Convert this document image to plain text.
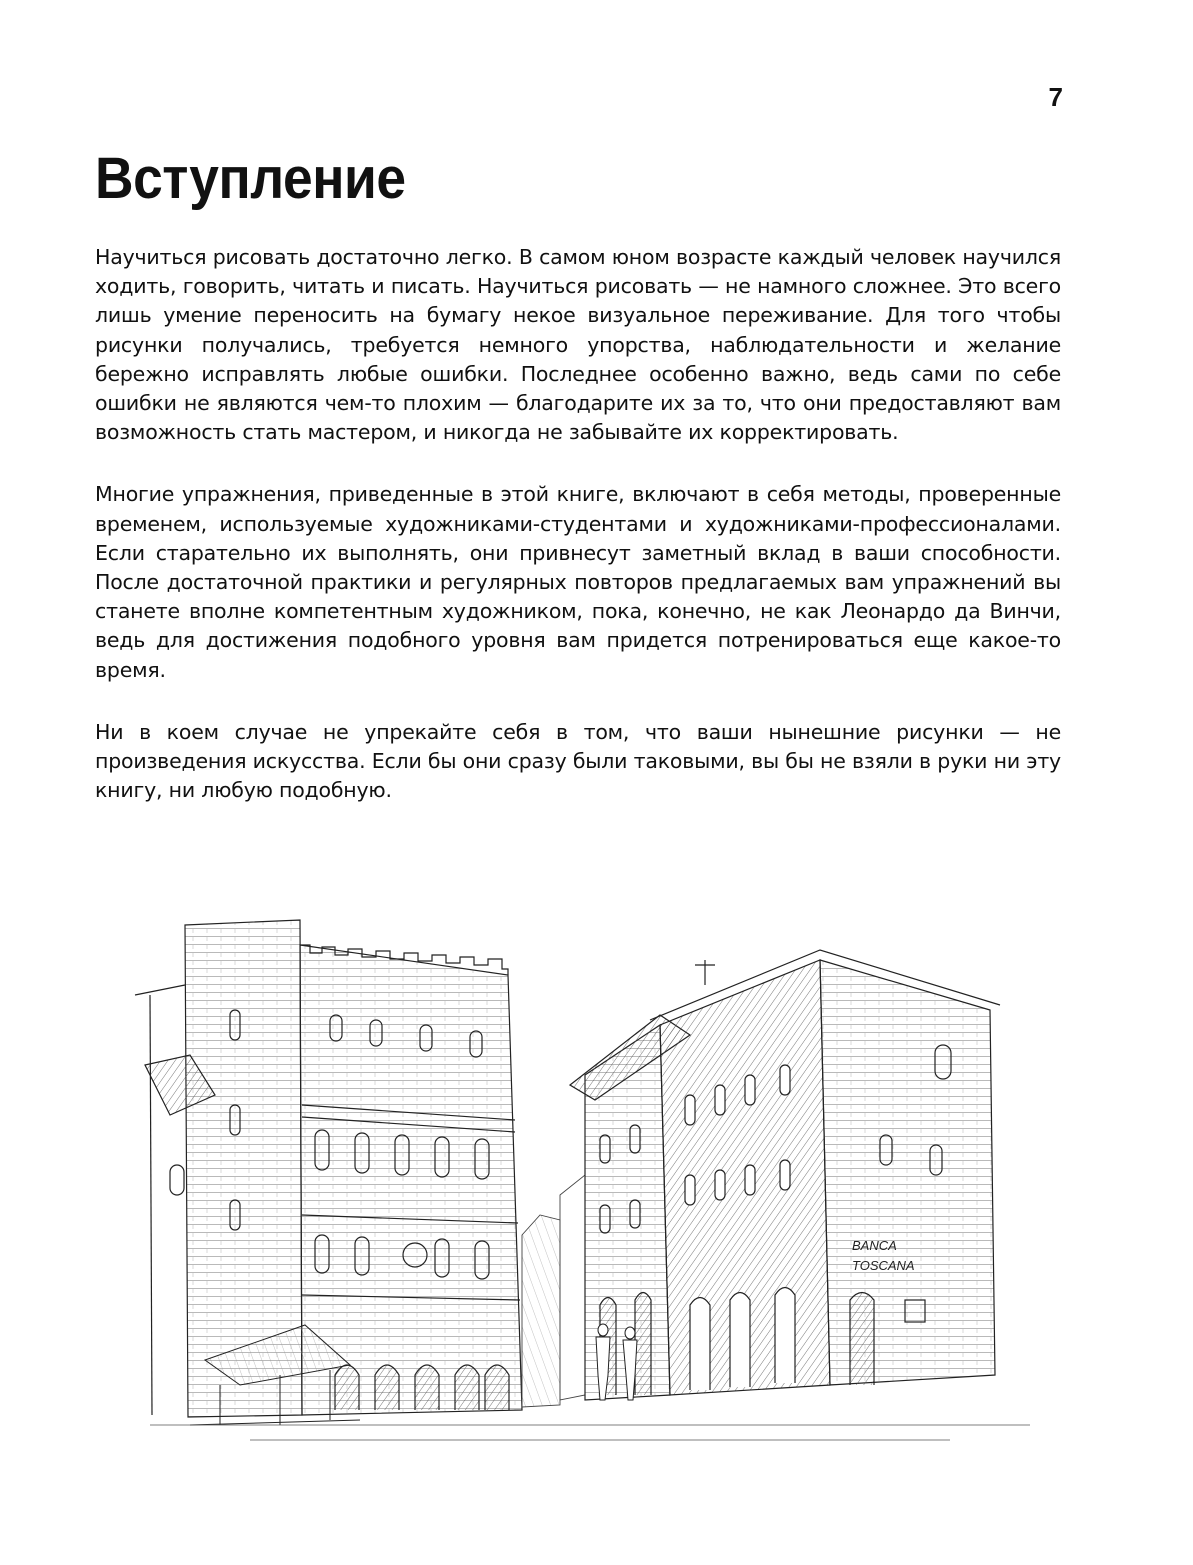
7
Вступление

Научиться рисовать достаточно легко. В самом юном возрасте каждый человек научился ходить, говорить, читать и писать. Научиться рисовать — не намного сложнее. Это всего лишь умение переносить на бумагу некое визуальное переживание. Для того чтобы рисунки получались, требуется немного упорства, наблюдательности и желание бережно исправлять любые ошибки. Последнее особенно важно, ведь сами по себе ошибки не являются чем-то плохим — благодарите их за то, что они предоставляют вам возможность стать мастером, и никогда не забывайте их корректировать.

Многие упражнения, приведенные в этой книге, включают в себя методы, проверенные временем, используемые художниками-студентами и художниками-профессионалами. Если старательно их выполнять, они привнесут заметный вклад в ваши способности. После достаточной практики и регулярных повторов предлагаемых вам упражнений вы станете вполне компетентным художником, пока, конечно, не как Леонардо да Винчи, ведь для достижения подобного уровня вам придется потренироваться еще какое-то время.

Ни в коем случае не упрекайте себя в том, что ваши нынешние рисунки — не произведения искусства. Если бы они сразу были таковыми, вы бы не взяли в руки ни эту книгу, ни любую подобную.

BANCA
TOSCANA
